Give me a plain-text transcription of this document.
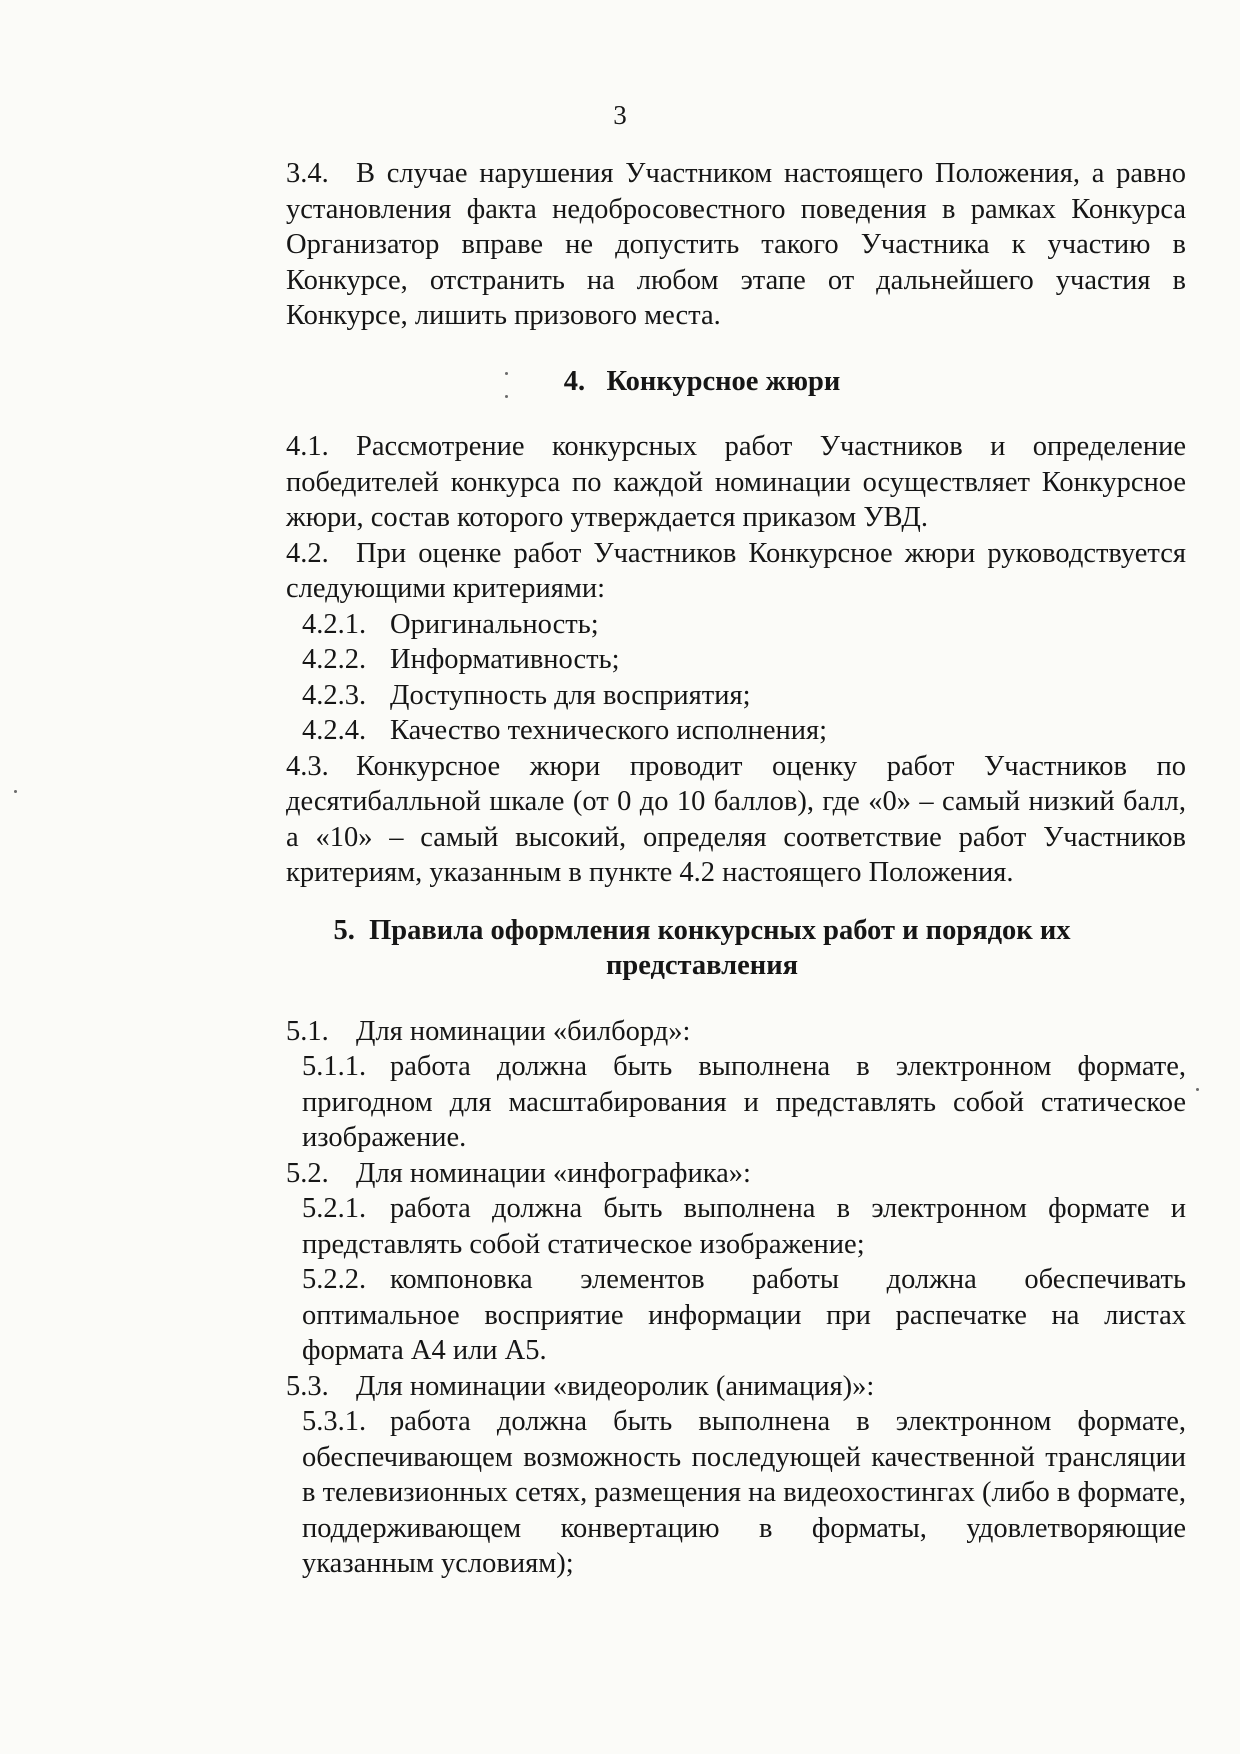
3

3.4. В случае нарушения Участником настоящего Положения, а равно установления факта недобросовестного поведения в рамках Конкурса Организатор вправе не допустить такого Участника к участию в Конкурсе, отстранить на любом этапе от дальнейшего участия в Конкурсе, лишить призового места.

4. Конкурсное жюри

4.1. Рассмотрение конкурсных работ Участников и определение победителей конкурса по каждой номинации осуществляет Конкурсное жюри, состав которого утверждается приказом УВД.

4.2. При оценке работ Участников Конкурсное жюри руководствуется следующими критериями:

4.2.1. Оригинальность;

4.2.2. Информативность;

4.2.3. Доступность для восприятия;

4.2.4. Качество технического исполнения;

4.3. Конкурсное жюри проводит оценку работ Участников по десятибалльной шкале (от 0 до 10 баллов), где «0» – самый низкий балл, а «10» – самый высокий, определяя соответствие работ Участников критериям, указанным в пункте 4.2 настоящего Положения.

5. Правила оформления конкурсных работ и порядок их представления

5.1. Для номинации «билборд»:

5.1.1. работа должна быть выполнена в электронном формате, пригодном для масштабирования и представлять собой статическое изображение.

5.2. Для номинации «инфографика»:

5.2.1. работа должна быть выполнена в электронном формате и представлять собой статическое изображение;

5.2.2. компоновка элементов работы должна обеспечивать оптимальное восприятие информации при распечатке на листах формата А4 или А5.

5.3. Для номинации «видеоролик (анимация)»:

5.3.1. работа должна быть выполнена в электронном формате, обеспечивающем возможность последующей качественной трансляции в телевизионных сетях, размещения на видеохостингах (либо в формате, поддерживающем конвертацию в форматы, удовлетворяющие указанным условиям);
